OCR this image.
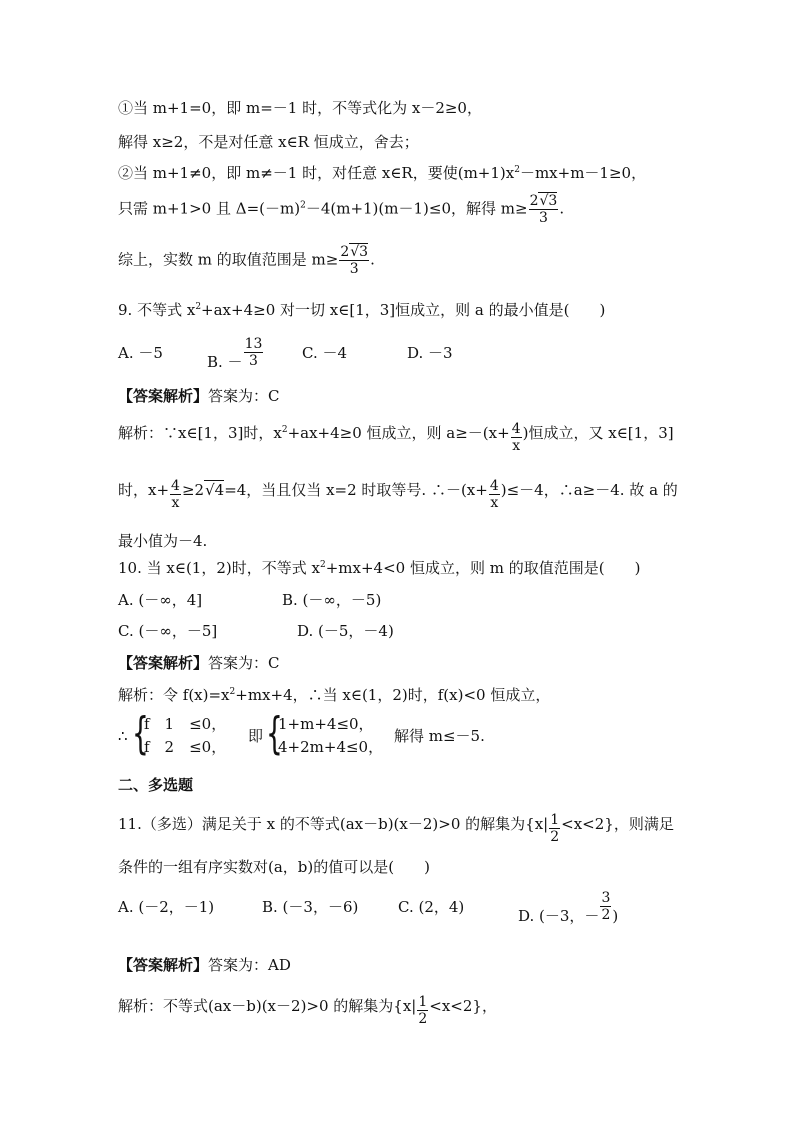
①当 m+1=0，即 m=－1 时，不等式化为 x－2≥0，
解得 x≥2，不是对任意 x∈R 恒成立，舍去；
②当 m+1≠0，即 m≠－1 时，对任意 x∈R，要使$(m+1)x^2-mx+m-1\ge 0$，
只需 m+1>0 且 $\Delta=(-m)^2-4(m+1)(m-1)\le 0$，解得 $m\ge \frac{2√3}{3}$ .
综上，实数 m 的取值范围是 $m\ge \frac{2√3}{3}$ .
9. 不等式 $x^2+ax+4\ge 0$ 对一切 x∈[1，3]恒成立，则 a 的最小值是(　　)
A. －5	B. － $\frac{13}{3}$	C. －4	D. －3
【答案解析】答案为：C
解析：∵x∈[1，3]时，$x^2+ax+4\ge 0$ 恒成立，则 $a\ge-(x+ \frac{4}{x}$ )恒成立，又 x∈[1，3]
时，$x+ \frac{4}{x} \ge 2√4=4$，当且仅当 x=2 时取等号. ∴－(x+ $\frac{4}{x} )\le-4$，∴a≥－4. 故 a 的
最小值为－4.
10. 当 x∈(1，2)时，不等式 $x^2+mx+4<0$ 恒成立，则 m 的取值范围是(　　)
A. (－∞，4]	B. (－∞，－5)
C. (－∞，－5]	D. (－5，－4)
【答案解析】答案为：C
解析：令 $f(x)=x^2+mx+4$，∴当 x∈(1，2)时，f(x)<0 恒成立，
∴ {
f　1　≤0，
f　2　≤0，
即 {
1+m+4≤0，
4+2m+4≤0，
解得 m≤－5.
二、多选题
11.（多选）满足关于 x 的不等式(ax－b)(x－2)>0 的解集为$\{x| \frac{1}{2} <x<2\}$，则满足
条件的一组有序实数对(a，b)的值可以是(　　)
A. (－2，－1)	B. (－3，－6)	C. (2，4)	D. (－3，－ $\frac{3}{2}$ )
【答案解析】答案为：AD
解析：不等式(ax－b)(x－2)>0 的解集为$\{x| \frac{1}{2} <x<2\}$，
